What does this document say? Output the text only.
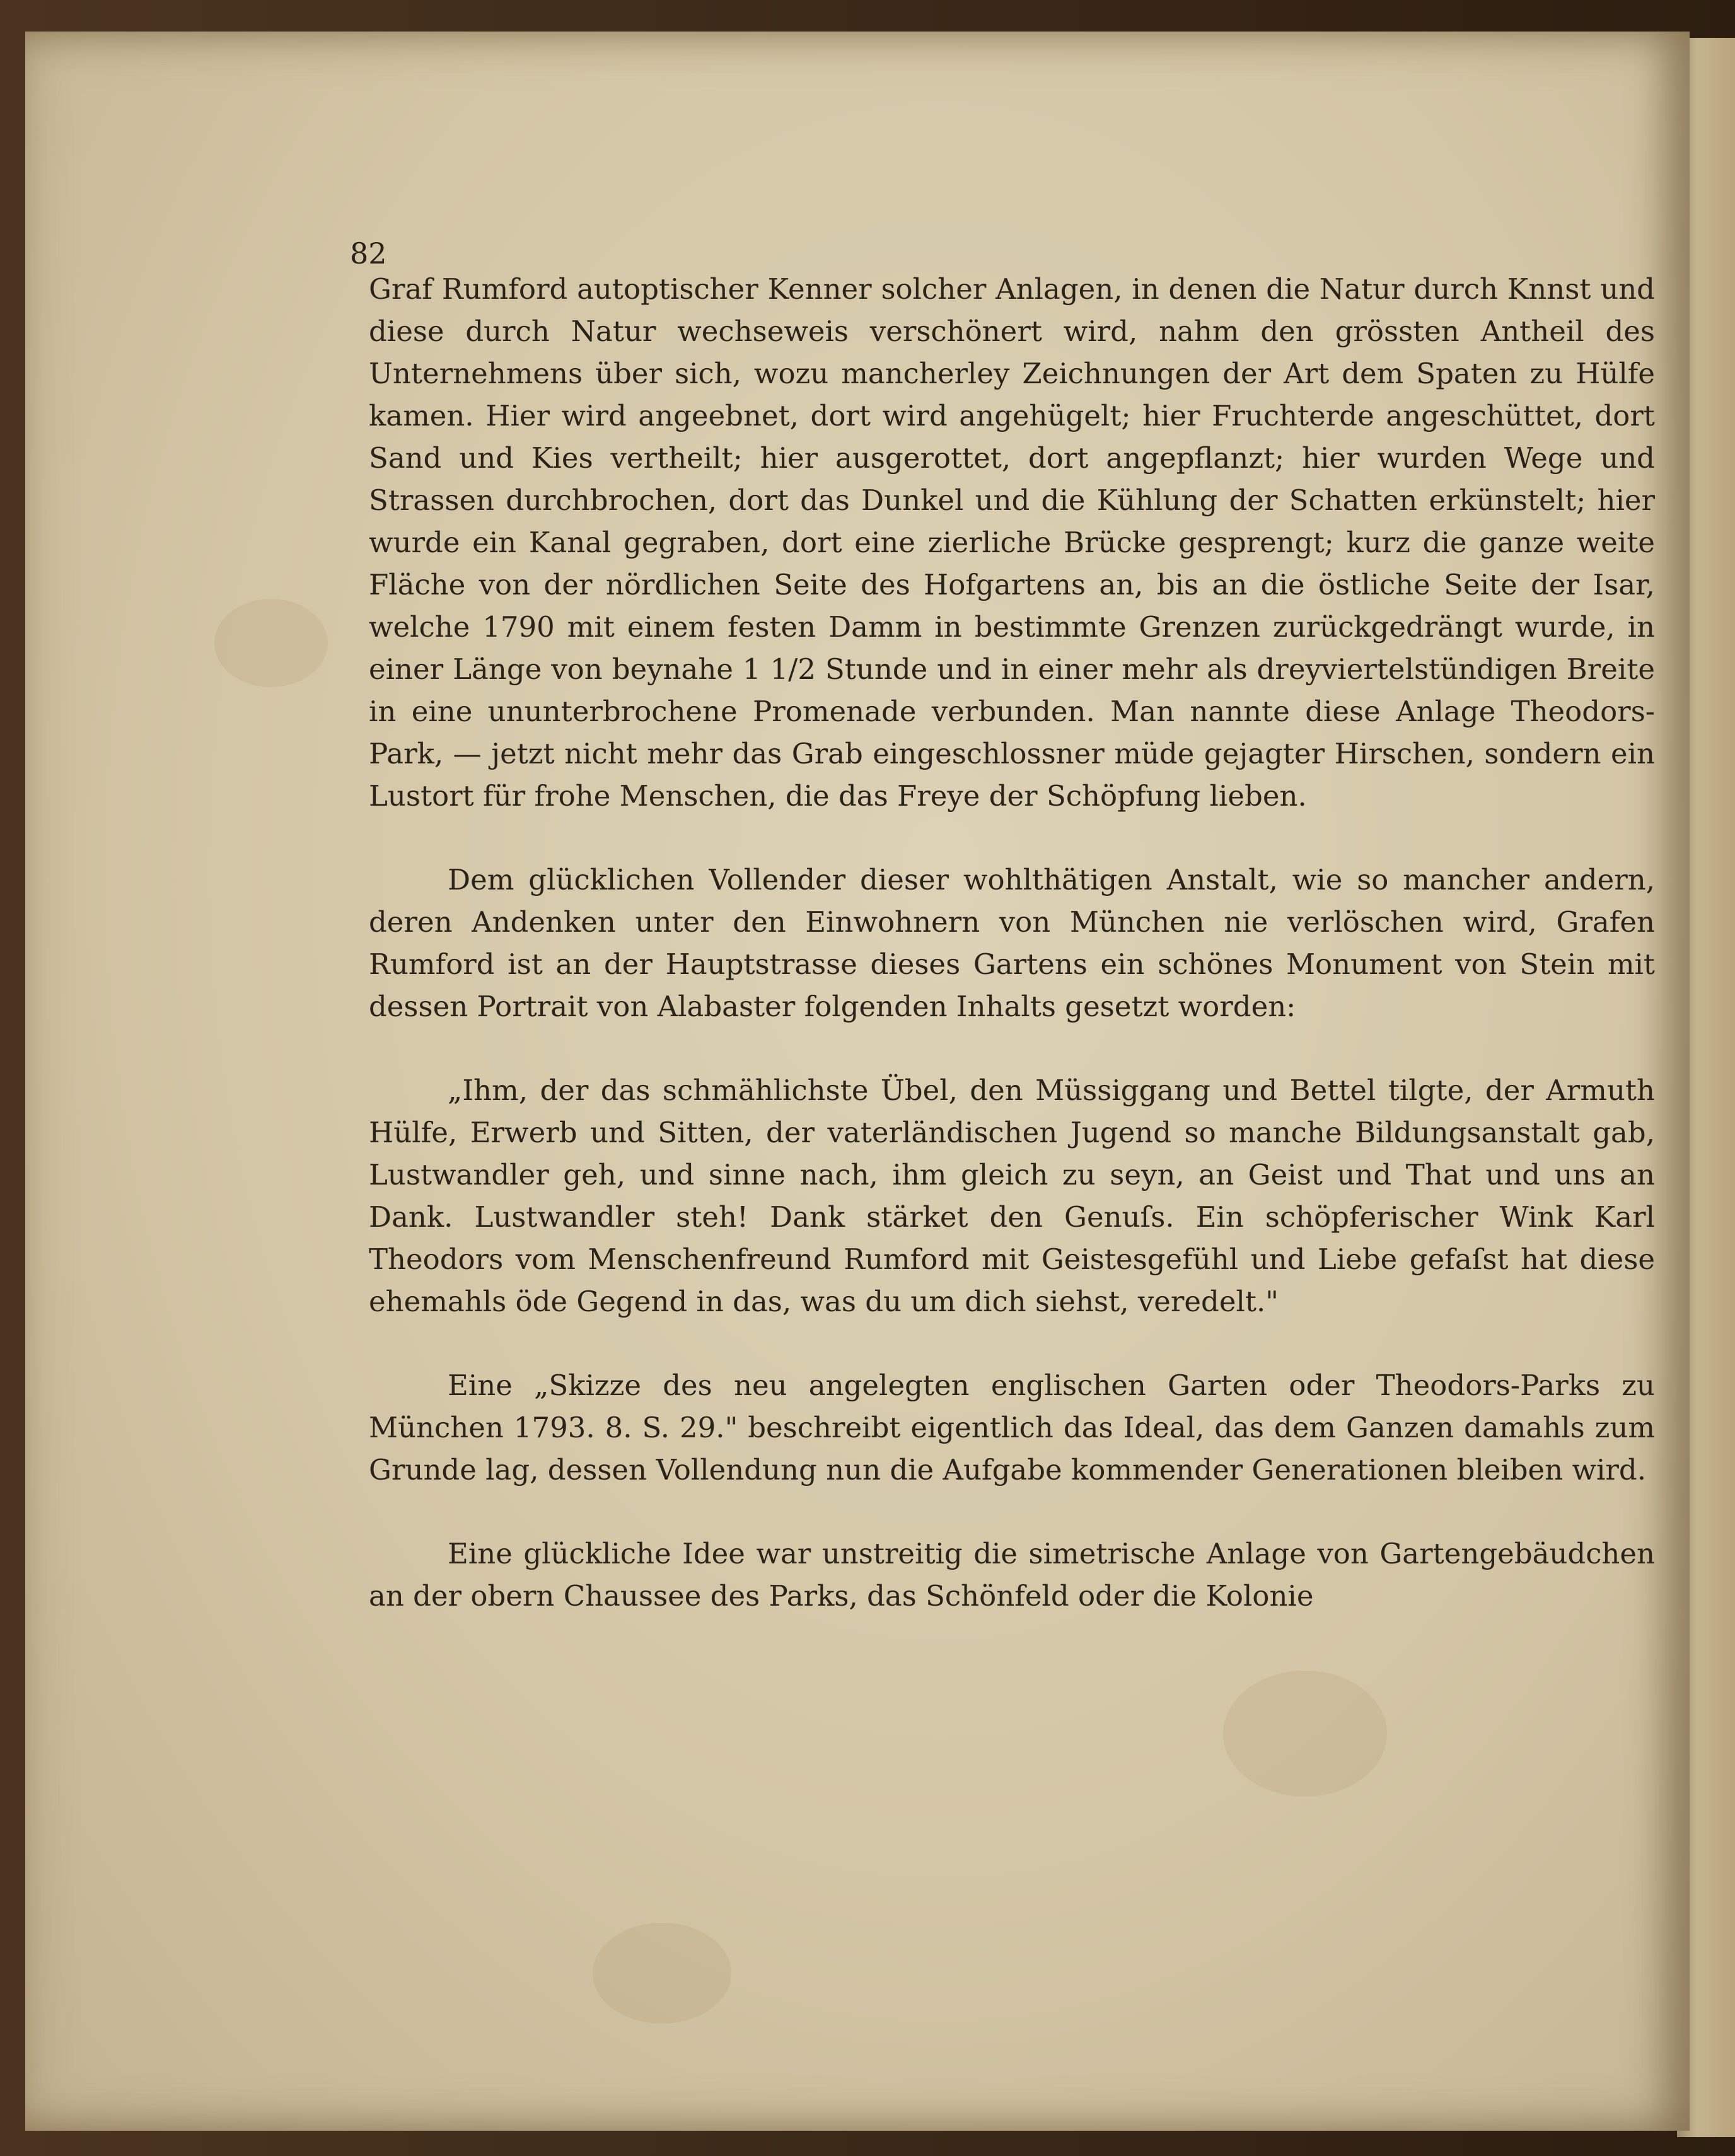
82

Graf Rumford autoptischer Kenner solcher Anlagen, in denen die Natur durch Knnst und diese durch Natur wechseweis verschönert wird, nahm den grössten Antheil des Unternehmens über sich, wozu mancherley Zeichnungen der Art dem Spaten zu Hülfe kamen. Hier wird angeebnet, dort wird angehügelt; hier Fruchterde angeschüttet, dort Sand und Kies vertheilt; hier ausgerottet, dort angepflanzt; hier wurden Wege und Strassen durchbrochen, dort das Dunkel und die Kühlung der Schatten erkünstelt; hier wurde ein Kanal gegraben, dort eine zierliche Brücke gesprengt; kurz die ganze weite Fläche von der nördlichen Seite des Hofgartens an, bis an die östliche Seite der Isar, welche 1790 mit einem festen Damm in bestimmte Grenzen zurückgedrängt wurde, in einer Länge von beynahe 1 1/2 Stunde und in einer mehr als dreyviertelstündigen Breite in eine ununterbrochene Promenade verbunden. Man nannte diese Anlage Theodors-Park, — jetzt nicht mehr das Grab eingeschlossner müde gejagter Hirschen, sondern ein Lustort für frohe Menschen, die das Freye der Schöpfung lieben.

Dem glücklichen Vollender dieser wohlthätigen Anstalt, wie so mancher andern, deren Andenken unter den Einwohnern von München nie verlöschen wird, Grafen Rumford ist an der Hauptstrasse dieses Gartens ein schönes Monument von Stein mit dessen Portrait von Alabaster folgenden Inhalts gesetzt worden:

„Ihm, der das schmählichste Übel, den Müssiggang und Bettel tilgte, der Armuth Hülfe, Erwerb und Sitten, der vaterländischen Jugend so manche Bildungsanstalt gab, Lustwandler geh, und sinne nach, ihm gleich zu seyn, an Geist und That und uns an Dank. Lustwandler steh! Dank stärket den Genuſs. Ein schöpferischer Wink Karl Theodors vom Menschenfreund Rumford mit Geistesgefühl und Liebe gefaſst hat diese ehemahls öde Gegend in das, was du um dich siehst, veredelt."

Eine „Skizze des neu angelegten englischen Garten oder Theodors-Parks zu München 1793. 8. S. 29." beschreibt eigentlich das Ideal, das dem Ganzen damahls zum Grunde lag, dessen Vollendung nun die Aufgabe kommender Generationen bleiben wird.

Eine glückliche Idee war unstreitig die simetrische Anlage von Gartengebäudchen an der obern Chaussee des Parks, das Schönfeld oder die Kolonie
